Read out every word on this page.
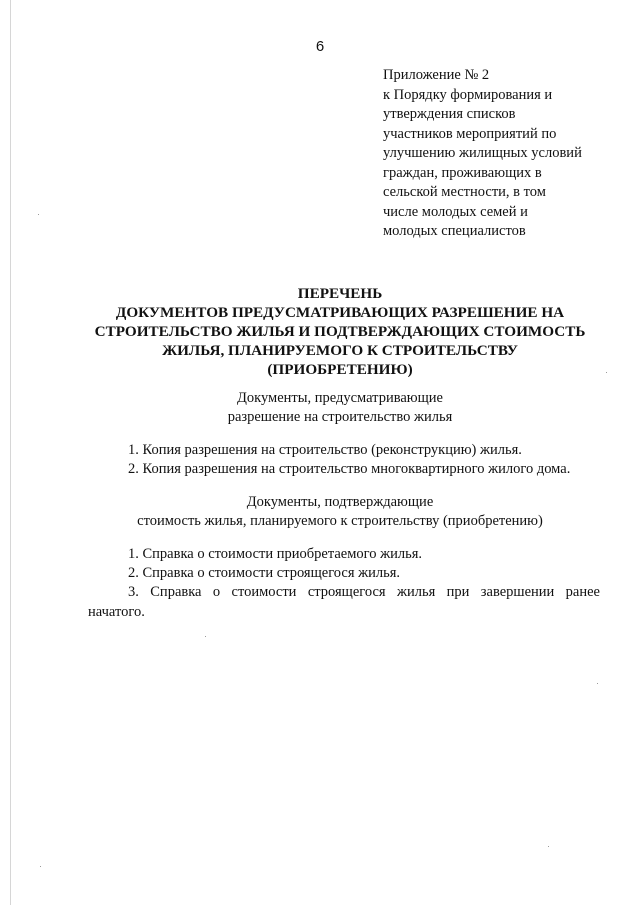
6
Приложение № 2
к Порядку формирования и
утверждения списков
участников мероприятий по
улучшению жилищных условий
граждан, проживающих в
сельской местности, в том
числе молодых семей и
молодых специалистов
ПЕРЕЧЕНЬ
ДОКУМЕНТОВ ПРЕДУСМАТРИВАЮЩИХ РАЗРЕШЕНИЕ НА
СТРОИТЕЛЬСТВО ЖИЛЬЯ И ПОДТВЕРЖДАЮЩИХ СТОИМОСТЬ
ЖИЛЬЯ, ПЛАНИРУЕМОГО К СТРОИТЕЛЬСТВУ
(ПРИОБРЕТЕНИЮ)
Документы, предусматривающие
разрешение на строительство жилья
1. Копия разрешения на строительство (реконструкцию) жилья.
2. Копия разрешения на строительство многоквартирного жилого дома.
Документы, подтверждающие
стоимость жилья, планируемого к строительству (приобретению)
1. Справка о стоимости приобретаемого жилья.
2. Справка о стоимости строящегося жилья.
3. Справка о стоимости строящегося жилья при завершении ранее
начатого.
